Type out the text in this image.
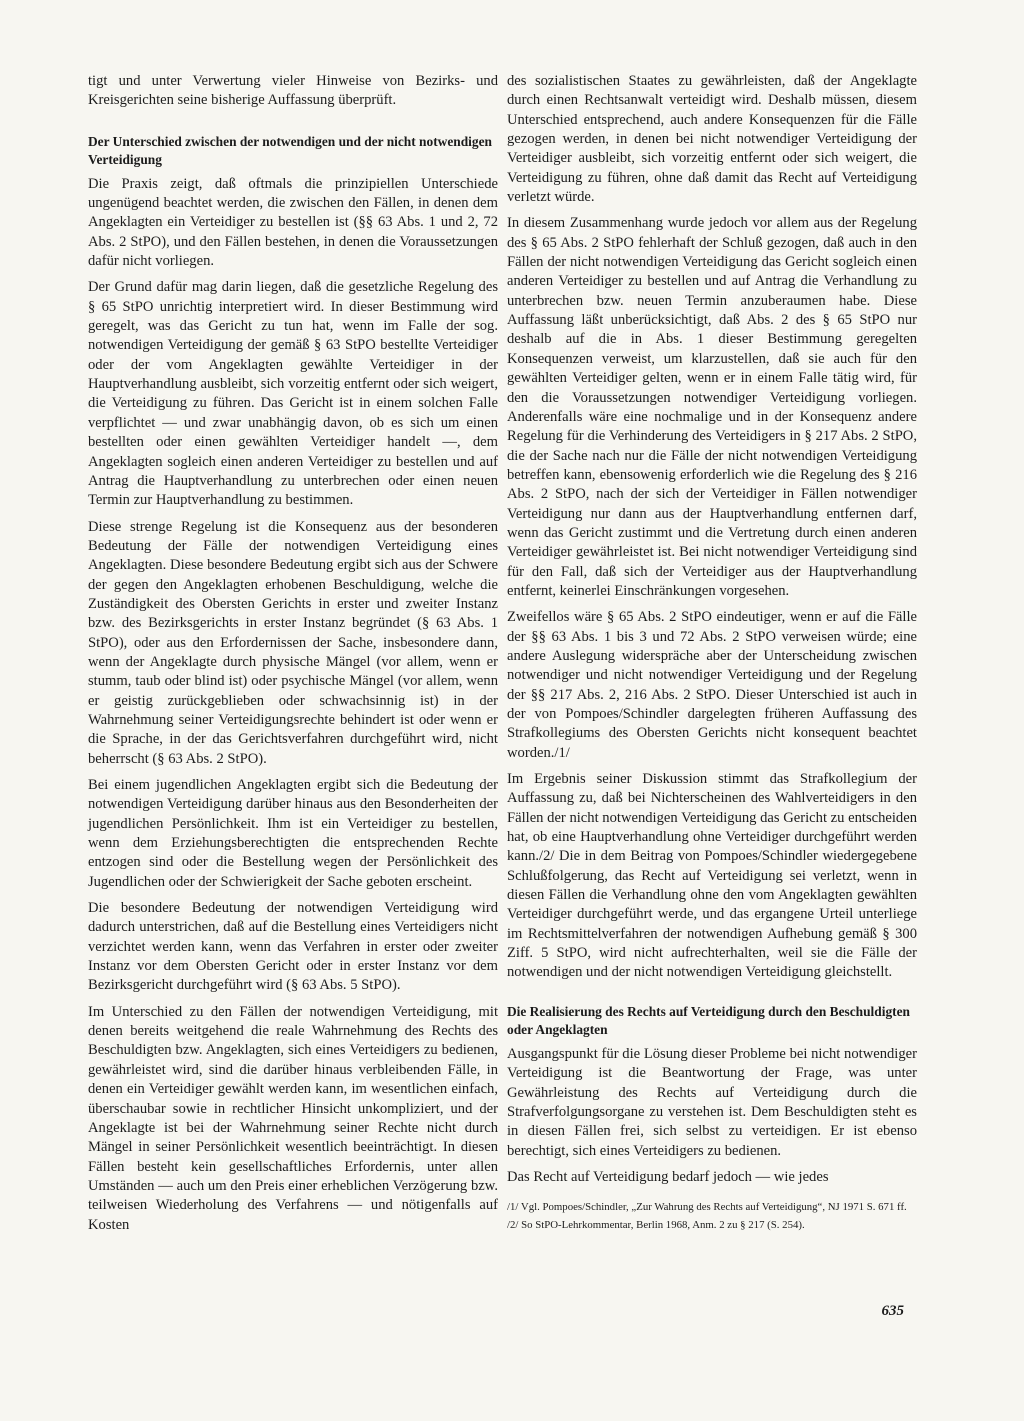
tigt und unter Verwertung vieler Hinweise von Bezirks- und Kreisgerichten seine bisherige Auffassung überprüft.

Der Unterschied zwischen der notwendigen und der nicht notwendigen Verteidigung

Die Praxis zeigt, daß oftmals die prinzipiellen Unterschiede ungenügend beachtet werden, die zwischen den Fällen, in denen dem Angeklagten ein Verteidiger zu bestellen ist (§§ 63 Abs. 1 und 2, 72 Abs. 2 StPO), und den Fällen bestehen, in denen die Voraussetzungen dafür nicht vorliegen.

Der Grund dafür mag darin liegen, daß die gesetzliche Regelung des § 65 StPO unrichtig interpretiert wird. In dieser Bestimmung wird geregelt, was das Gericht zu tun hat, wenn im Falle der sog. notwendigen Verteidigung der gemäß § 63 StPO bestellte Verteidiger oder der vom Angeklagten gewählte Verteidiger in der Hauptverhandlung ausbleibt, sich vorzeitig entfernt oder sich weigert, die Verteidigung zu führen. Das Gericht ist in einem solchen Falle verpflichtet — und zwar unabhängig davon, ob es sich um einen bestellten oder einen gewählten Verteidiger handelt —, dem Angeklagten sogleich einen anderen Verteidiger zu bestellen und auf Antrag die Hauptverhandlung zu unterbrechen oder einen neuen Termin zur Hauptverhandlung zu bestimmen.

Diese strenge Regelung ist die Konsequenz aus der besonderen Bedeutung der Fälle der notwendigen Verteidigung eines Angeklagten. Diese besondere Bedeutung ergibt sich aus der Schwere der gegen den Angeklagten erhobenen Beschuldigung, welche die Zuständigkeit des Obersten Gerichts in erster und zweiter Instanz bzw. des Bezirksgerichts in erster Instanz begründet (§ 63 Abs. 1 StPO), oder aus den Erfordernissen der Sache, insbesondere dann, wenn der Angeklagte durch physische Mängel (vor allem, wenn er stumm, taub oder blind ist) oder psychische Mängel (vor allem, wenn er geistig zurückgeblieben oder schwachsinnig ist) in der Wahrnehmung seiner Verteidigungsrechte behindert ist oder wenn er die Sprache, in der das Gerichtsverfahren durchgeführt wird, nicht beherrscht (§ 63 Abs. 2 StPO).

Bei einem jugendlichen Angeklagten ergibt sich die Bedeutung der notwendigen Verteidigung darüber hinaus aus den Besonderheiten der jugendlichen Persönlichkeit. Ihm ist ein Verteidiger zu bestellen, wenn dem Erziehungsberechtigten die entsprechenden Rechte entzogen sind oder die Bestellung wegen der Persönlichkeit des Jugendlichen oder der Schwierigkeit der Sache geboten erscheint.

Die besondere Bedeutung der notwendigen Verteidigung wird dadurch unterstrichen, daß auf die Bestellung eines Verteidigers nicht verzichtet werden kann, wenn das Verfahren in erster oder zweiter Instanz vor dem Obersten Gericht oder in erster Instanz vor dem Bezirksgericht durchgeführt wird (§ 63 Abs. 5 StPO).

Im Unterschied zu den Fällen der notwendigen Verteidigung, mit denen bereits weitgehend die reale Wahrnehmung des Rechts des Beschuldigten bzw. Angeklagten, sich eines Verteidigers zu bedienen, gewährleistet wird, sind die darüber hinaus verbleibenden Fälle, in denen ein Verteidiger gewählt werden kann, im wesentlichen einfach, überschaubar sowie in rechtlicher Hinsicht unkompliziert, und der Angeklagte ist bei der Wahrnehmung seiner Rechte nicht durch Mängel in seiner Persönlichkeit wesentlich beeinträchtigt. In diesen Fällen besteht kein gesellschaftliches Erfordernis, unter allen Umständen — auch um den Preis einer erheblichen Verzögerung bzw. teilweisen Wiederholung des Verfahrens — und nötigenfalls auf Kosten

des sozialistischen Staates zu gewährleisten, daß der Angeklagte durch einen Rechtsanwalt verteidigt wird. Deshalb müssen, diesem Unterschied entsprechend, auch andere Konsequenzen für die Fälle gezogen werden, in denen bei nicht notwendiger Verteidigung der Verteidiger ausbleibt, sich vorzeitig entfernt oder sich weigert, die Verteidigung zu führen, ohne daß damit das Recht auf Verteidigung verletzt würde.

In diesem Zusammenhang wurde jedoch vor allem aus der Regelung des § 65 Abs. 2 StPO fehlerhaft der Schluß gezogen, daß auch in den Fällen der nicht notwendigen Verteidigung das Gericht sogleich einen anderen Verteidiger zu bestellen und auf Antrag die Verhandlung zu unterbrechen bzw. neuen Termin anzuberaumen habe. Diese Auffassung läßt unberücksichtigt, daß Abs. 2 des § 65 StPO nur deshalb auf die in Abs. 1 dieser Bestimmung geregelten Konsequenzen verweist, um klarzustellen, daß sie auch für den gewählten Verteidiger gelten, wenn er in einem Falle tätig wird, für den die Voraussetzungen notwendiger Verteidigung vorliegen. Anderenfalls wäre eine nochmalige und in der Konsequenz andere Regelung für die Verhinderung des Verteidigers in § 217 Abs. 2 StPO, die der Sache nach nur die Fälle der nicht notwendigen Verteidigung betreffen kann, ebensowenig erforderlich wie die Regelung des § 216 Abs. 2 StPO, nach der sich der Verteidiger in Fällen notwendiger Verteidigung nur dann aus der Hauptverhandlung entfernen darf, wenn das Gericht zustimmt und die Vertretung durch einen anderen Verteidiger gewährleistet ist. Bei nicht notwendiger Verteidigung sind für den Fall, daß sich der Verteidiger aus der Hauptverhandlung entfernt, keinerlei Einschränkungen vorgesehen.

Zweifellos wäre § 65 Abs. 2 StPO eindeutiger, wenn er auf die Fälle der §§ 63 Abs. 1 bis 3 und 72 Abs. 2 StPO verweisen würde; eine andere Auslegung widerspräche aber der Unterscheidung zwischen notwendiger und nicht notwendiger Verteidigung und der Regelung der §§ 217 Abs. 2, 216 Abs. 2 StPO. Dieser Unterschied ist auch in der von Pompoes/Schindler dargelegten früheren Auffassung des Strafkollegiums des Obersten Gerichts nicht konsequent beachtet worden./1/

Im Ergebnis seiner Diskussion stimmt das Strafkollegium der Auffassung zu, daß bei Nichterscheinen des Wahlverteidigers in den Fällen der nicht notwendigen Verteidigung das Gericht zu entscheiden hat, ob eine Hauptverhandlung ohne Verteidiger durchgeführt werden kann./2/ Die in dem Beitrag von Pompoes/Schindler wiedergegebene Schlußfolgerung, das Recht auf Verteidigung sei verletzt, wenn in diesen Fällen die Verhandlung ohne den vom Angeklagten gewählten Verteidiger durchgeführt werde, und das ergangene Urteil unterliege im Rechtsmittelverfahren der notwendigen Aufhebung gemäß § 300 Ziff. 5 StPO, wird nicht aufrechterhalten, weil sie die Fälle der notwendigen und der nicht notwendigen Verteidigung gleichstellt.

Die Realisierung des Rechts auf Verteidigung durch den Beschuldigten oder Angeklagten

Ausgangspunkt für die Lösung dieser Probleme bei nicht notwendiger Verteidigung ist die Beantwortung der Frage, was unter Gewährleistung des Rechts auf Verteidigung durch die Strafverfolgungsorgane zu verstehen ist. Dem Beschuldigten steht es in diesen Fällen frei, sich selbst zu verteidigen. Er ist ebenso berechtigt, sich eines Verteidigers zu bedienen.

Das Recht auf Verteidigung bedarf jedoch — wie jedes

/1/ Vgl. Pompoes/Schindler, „Zur Wahrung des Rechts auf Verteidigung“, NJ 1971 S. 671 ff.

/2/ So StPO-Lehrkommentar, Berlin 1968, Anm. 2 zu § 217 (S. 254).

635
